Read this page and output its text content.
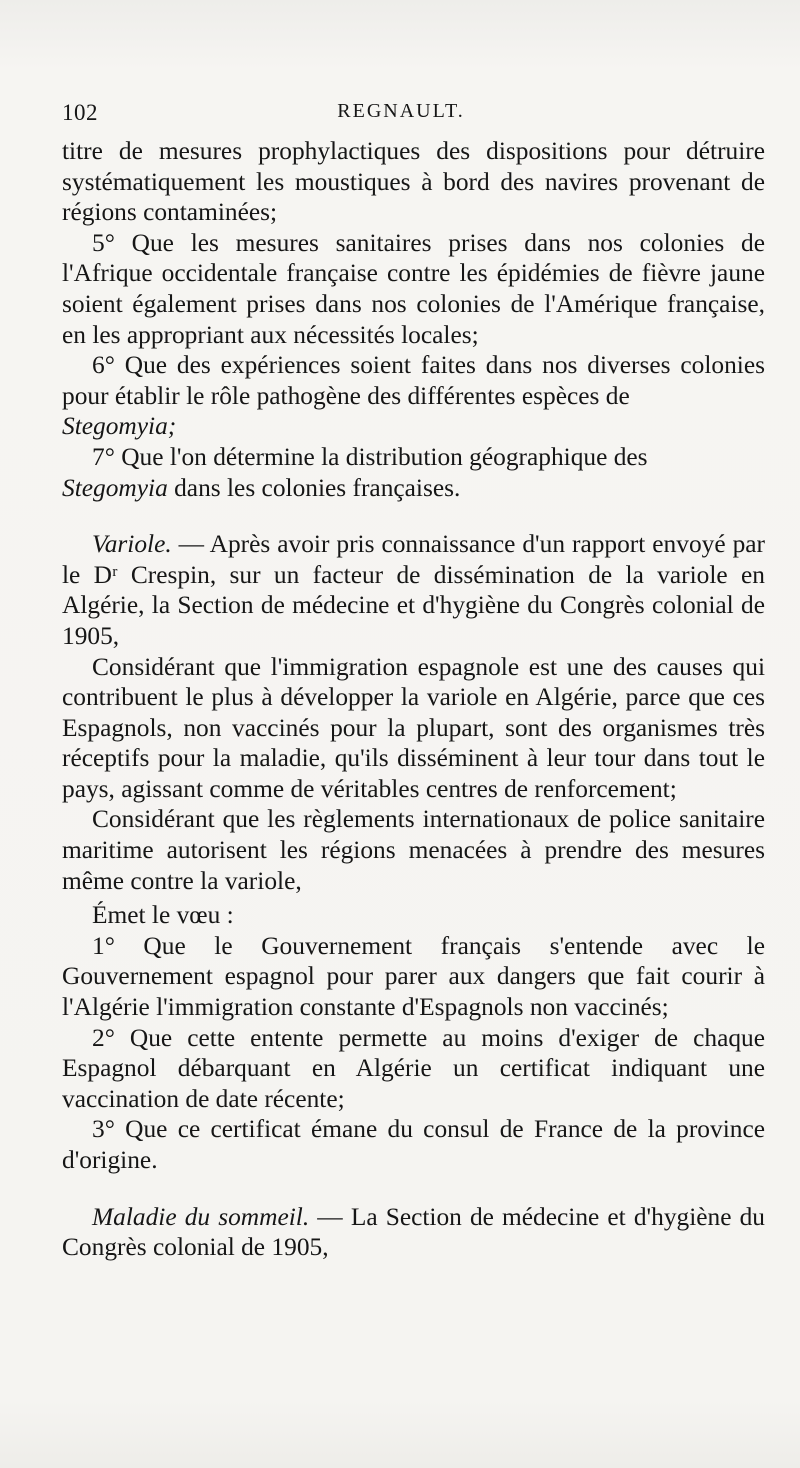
102	REGNAULT.

titre de mesures prophylactiques des dispositions pour détruire systématiquement les moustiques à bord des navires provenant de régions contaminées;

5° Que les mesures sanitaires prises dans nos colonies de l'Afrique occidentale française contre les épidémies de fièvre jaune soient également prises dans nos colonies de l'Amérique française, en les appropriant aux nécessités locales;

6° Que des expériences soient faites dans nos diverses colonies pour établir le rôle pathogène des différentes espèces de
Stegomyia;

7° Que l'on détermine la distribution géographique des
Stegomyia dans les colonies françaises.

Variole. — Après avoir pris connaissance d'un rapport envoyé par le Dʳ Crespin, sur un facteur de dissémination de la variole en Algérie, la Section de médecine et d'hygiène du Congrès colonial de 1905,

Considérant que l'immigration espagnole est une des causes qui contribuent le plus à développer la variole en Algérie, parce que ces Espagnols, non vaccinés pour la plupart, sont des organismes très réceptifs pour la maladie, qu'ils disséminent à leur tour dans tout le pays, agissant comme de véritables centres de renforcement;

Considérant que les règlements internationaux de police sanitaire maritime autorisent les régions menacées à prendre des mesures même contre la variole,

Émet le vœu :

1° Que le Gouvernement français s'entende avec le Gouvernement espagnol pour parer aux dangers que fait courir à l'Algérie l'immigration constante d'Espagnols non vaccinés;

2° Que cette entente permette au moins d'exiger de chaque Espagnol débarquant en Algérie un certificat indiquant une vaccination de date récente;

3° Que ce certificat émane du consul de France de la province d'origine.

Maladie du sommeil. — La Section de médecine et d'hygiène du Congrès colonial de 1905,
